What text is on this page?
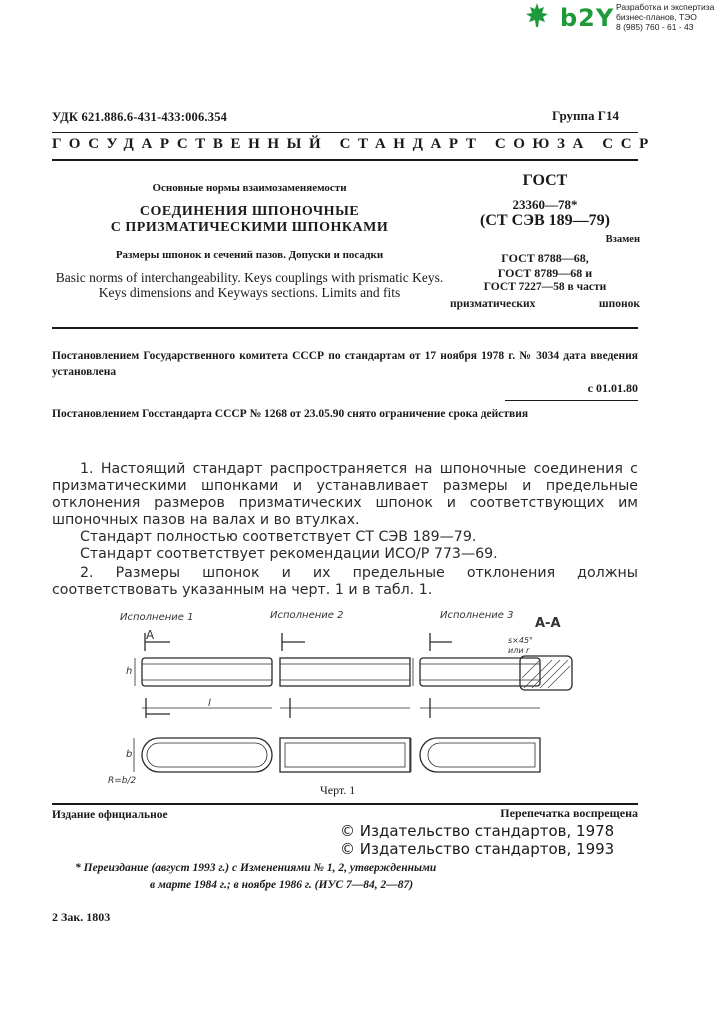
b2Y Разработка и экспертиза
бизнес-планов, ТЭО
8 (985) 760 - 61 - 43
УДК 621.886.6-431-433:006.354	Группа Г14
ГОСУДАРСТВЕННЫЙ СТАНДАРТ СОЮЗА ССР
Основные нормы взаимозаменяемости
СОЕДИНЕНИЯ ШПОНОЧНЫЕ
С ПРИЗМАТИЧЕСКИМИ ШПОНКАМИ
Размеры шпонок и сечений пазов. Допуски и посадки
Basic norms of interchangeability. Keys couplings with prismatic Keys. Keys dimensions and Keyways sections. Limits and fits
ГОСТ
23360—78*
(СТ СЭВ 189—79)
Взамен
ГОСТ 8788—68,
ГОСТ 8789—68 и
ГОСТ 7227—58 в части
призматических шпонок
Постановлением Государственного комитета СССР по стандартам от 17 ноября 1978 г. № 3034 дата введения установлена
с 01.01.80
Постановлением Госстандарта СССР № 1268 от 23.05.90 снято ограничение срока действия
1. Настоящий стандарт распространяется на шпоночные соединения с призматическими шпонками и устанавливает размеры и предельные отклонения размеров призматических шпонок и соответствующих им шпоночных пазов на валах и во втулках.
Стандарт полностью соответствует СТ СЭВ 189—79.
Стандарт соответствует рекомендации ИСО/Р 773—69.
2. Размеры шпонок и их предельные отклонения должны соответствовать указанным на черт. 1 и в табл. 1.
Исполнение 1	Исполнение 2	Исполнение 3
А-А
s×45°
или r
А
h
l
b
R=b/2
Черт. 1
Издание официальное	Перепечатка воспрещена
© Издательство стандартов, 1978
© Издательство стандартов, 1993
* Переиздание (август 1993 г.) с Изменениями № 1, 2, утвержденными
в марте 1984 г.; в ноябре 1986 г. (ИУС 7—84, 2—87)
2 Зак. 1803
